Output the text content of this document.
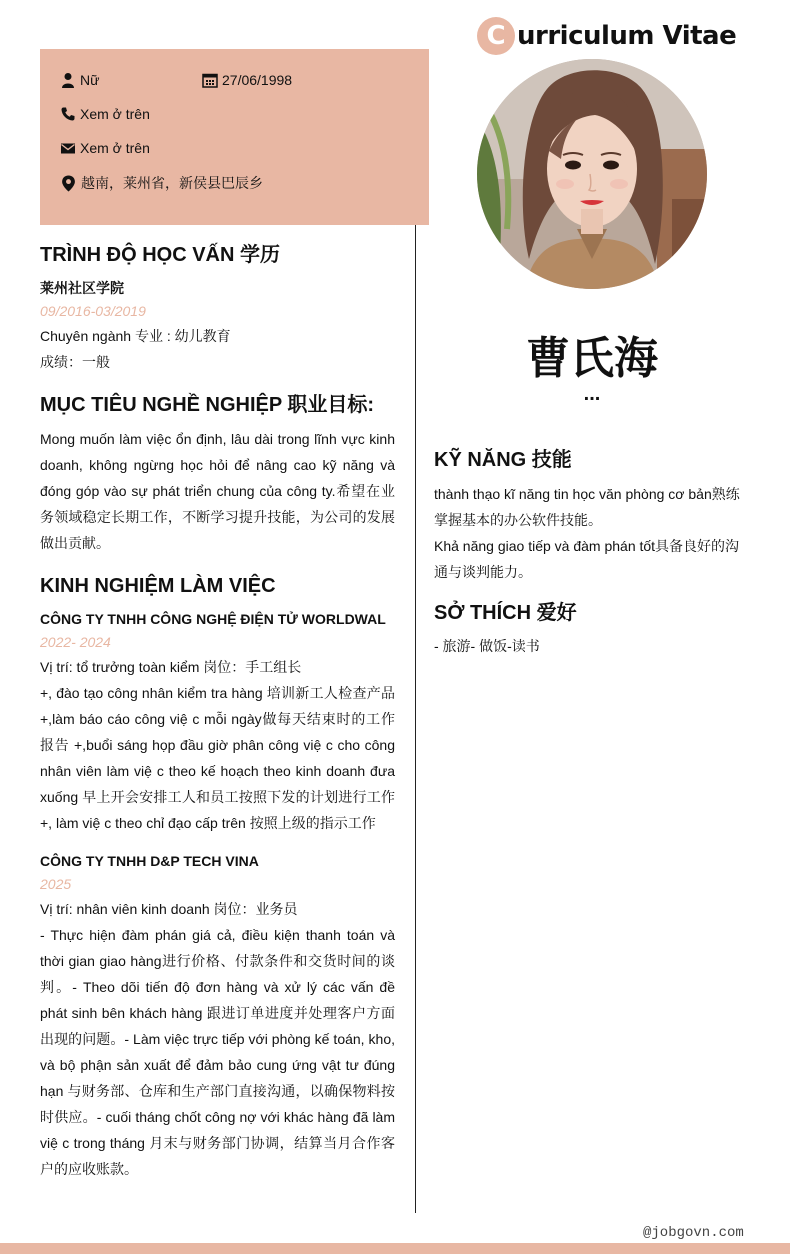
C urriculum Vitae
Nữ	27/06/1998
Xem ở trên
Xem ở trên
越南，莱州省，新侯县巴辰乡
曹氏海
...
TRÌNH ĐỘ HỌC VẤN 学历
莱州社区学院
09/2016-03/2019
Chuyên ngành 专业 : 幼儿教育
成绩：一般
MỤC TIÊU NGHỀ NGHIỆP 职业目标:
Mong muốn làm việc ổn định, lâu dài trong lĩnh vực kinh doanh, không ngừng học hỏi để nâng cao kỹ năng và đóng góp vào sự phát triển chung của công ty.希望在业务领域稳定长期工作，不断学习提升技能，为公司的发展做出贡献。
KINH NGHIỆM LÀM VIỆC
CÔNG TY TNHH CÔNG NGHỆ ĐIỆN TỬ WORLDWAL
2022- 2024
Vị trí: tổ trưởng toàn kiểm 岗位：手工组长
+, đào tạo công nhân kiểm tra hàng 培训新工人检查产品 +,làm báo cáo công việ c mỗi ngày做每天结束时的工作报告 +,buổi sáng họp đầu giờ phân công việ c cho công nhân viên làm việ c theo kế hoạch theo kinh doanh đưa xuống 早上开会安排工人和员工按照下发的计划进行工作 +, làm việ c theo chỉ đạo cấp trên 按照上级的指示工作
CÔNG TY TNHH D&P TECH VINA
2025
Vị trí: nhân viên kinh doanh 岗位：业务员
- Thực hiện đàm phán giá cả, điều kiện thanh toán và thời gian giao hàng进行价格、付款条件和交货时间的谈判。- Theo dõi tiến độ đơn hàng và xử lý các vấn đề phát sinh bên khách hàng 跟进订单进度并处理客户方面出现的问题。- Làm việc trực tiếp với phòng kế toán, kho, và bộ phận sản xuất để đảm bảo cung ứng vật tư đúng hạn 与财务部、仓库和生产部门直接沟通，以确保物料按时供应。- cuối tháng chốt công nợ với khác hàng đã làm việ c trong tháng 月末与财务部门协调，结算当月合作客户的应收账款。
KỸ NĂNG 技能
thành thạo kĩ năng tin học văn phòng cơ bản熟练掌握基本的办公软件技能。
Khả năng giao tiếp và đàm phán tốt具备良好的沟通与谈判能力。
SỞ THÍCH 爱好
- 旅游- 做饭-读书
@jobgovn.com
